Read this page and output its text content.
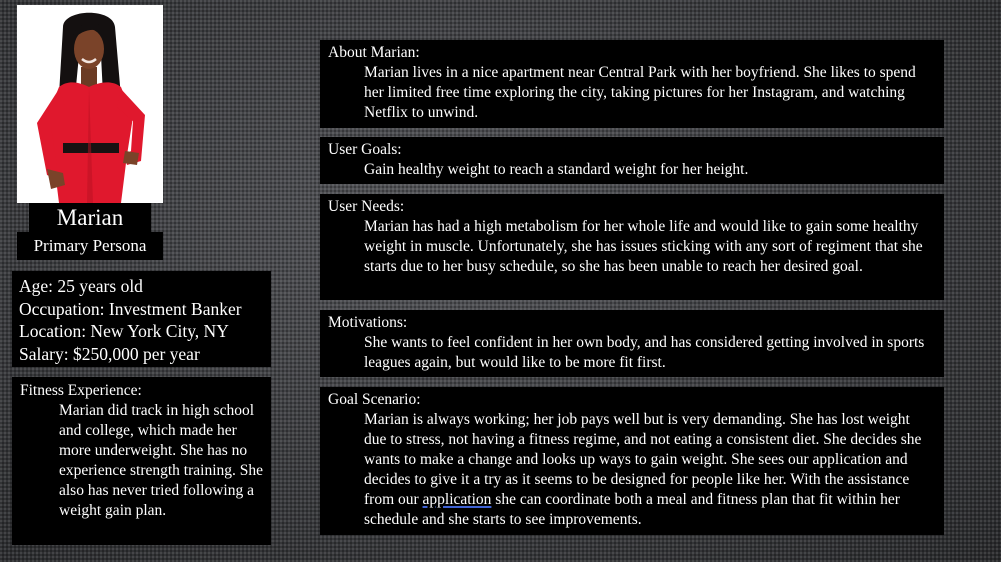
Marian
Primary Persona
Age: 25 years old
Occupation: Investment Banker
Location: New York City, NY
Salary: $250,000 per year
Fitness Experience:
Marian did track in high school and college, which made her more underweight. She has no experience strength training. She also has never tried following a weight gain plan.
About Marian:
Marian lives in a nice apartment near Central Park with her boyfriend. She likes to spend her limited free time exploring the city, taking pictures for her Instagram, and watching Netflix to unwind.
User Goals:
Gain healthy weight to reach a standard weight for her height.
User Needs:
Marian has had a high metabolism for her whole life and would like to gain some healthy weight in muscle. Unfortunately, she has issues sticking with any sort of regiment that she starts due to her busy schedule, so she has been unable to reach her desired goal.
Motivations:
She wants to feel confident in her own body, and has considered getting involved in sports leagues again, but would like to be more fit first.
Goal Scenario:
Marian is always working; her job pays well but is very demanding. She has lost weight due to stress, not having a fitness regime, and not eating a consistent diet. She decides she wants to make a change and looks up ways to gain weight. She sees our application and decides to give it a try as it seems to be designed for people like her. With the assistance from our application she can coordinate both a meal and fitness plan that fit within her schedule and she starts to see improvements.
